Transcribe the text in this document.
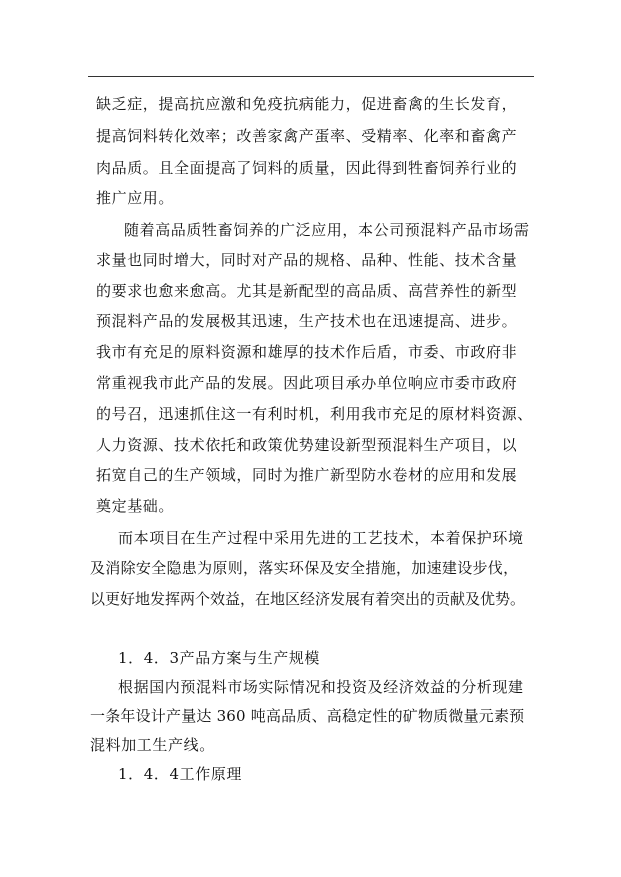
缺乏症，提高抗应激和免疫抗病能力，促进畜禽的生长发育，
提高饲料转化效率；改善家禽产蛋率、受精率、化率和畜禽产
肉品质。且全面提高了饲料的质量，因此得到牲畜饲养行业的
推广应用。
随着高品质牲畜饲养的广泛应用，本公司预混料产品市场需
求量也同时增大，同时对产品的规格、品种、性能、技术含量
的要求也愈来愈高。尤其是新配型的高品质、高营养性的新型
预混料产品的发展极其迅速，生产技术也在迅速提高、进步。
我市有充足的原料资源和雄厚的技术作后盾，市委、市政府非
常重视我市此产品的发展。因此项目承办单位响应市委市政府
的号召，迅速抓住这一有利时机，利用我市充足的原材料资源、
人力资源、技术依托和政策优势建设新型预混料生产项目，以
拓宽自己的生产领域，同时为推广新型防水卷材的应用和发展
奠定基础。
而本项目在生产过程中采用先进的工艺技术，本着保护环境
及消除安全隐患为原则，落实环保及安全措施，加速建设步伐，
以更好地发挥两个效益，在地区经济发展有着突出的贡献及优势。
1．4．3产品方案与生产规模
根据国内预混料市场实际情况和投资及经济效益的分析现建
一条年设计产量达 360 吨高品质、高稳定性的矿物质微量元素预
混料加工生产线。
1．4．4工作原理
